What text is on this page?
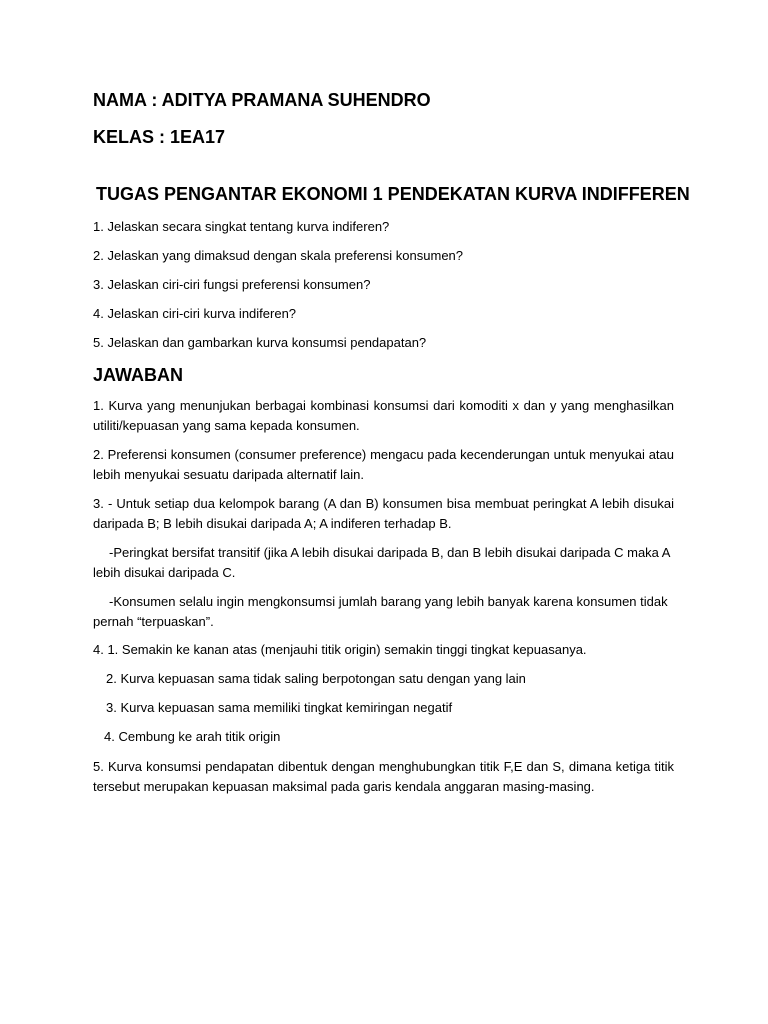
NAMA : ADITYA PRAMANA SUHENDRO

KELAS : 1EA17

TUGAS PENGANTAR EKONOMI 1 PENDEKATAN KURVA INDIFFEREN

1. Jelaskan secara singkat tentang kurva indiferen?
2. Jelaskan yang dimaksud dengan skala preferensi konsumen?
3. Jelaskan ciri-ciri fungsi preferensi konsumen?
4. Jelaskan ciri-ciri kurva indiferen?
5. Jelaskan dan gambarkan kurva konsumsi pendapatan?

JAWABAN

1. Kurva yang menunjukan berbagai kombinasi konsumsi dari komoditi x dan y yang menghasilkan utiliti/kepuasan yang sama kepada konsumen.

2. Preferensi konsumen (consumer preference) mengacu pada kecenderungan untuk menyukai atau lebih menyukai sesuatu daripada alternatif lain.

3. - Untuk setiap dua kelompok barang (A dan B) konsumen bisa membuat peringkat A lebih disukai daripada B; B lebih disukai daripada A; A indiferen terhadap B.

-Peringkat bersifat transitif (jika A lebih disukai daripada B, dan B lebih disukai daripada C maka A lebih disukai daripada C.

-Konsumen selalu ingin mengkonsumsi jumlah barang yang lebih banyak karena konsumen tidak pernah “terpuaskan”.

4. 1. Semakin ke kanan atas (menjauhi titik origin) semakin tinggi tingkat kepuasanya.

2. Kurva kepuasan sama tidak saling berpotongan satu dengan yang lain

3. Kurva kepuasan sama memiliki tingkat kemiringan negatif

4. Cembung ke arah titik origin

5. Kurva konsumsi pendapatan dibentuk dengan menghubungkan titik F,E dan S, dimana ketiga titik tersebut merupakan kepuasan maksimal pada garis kendala anggaran masing-masing.
